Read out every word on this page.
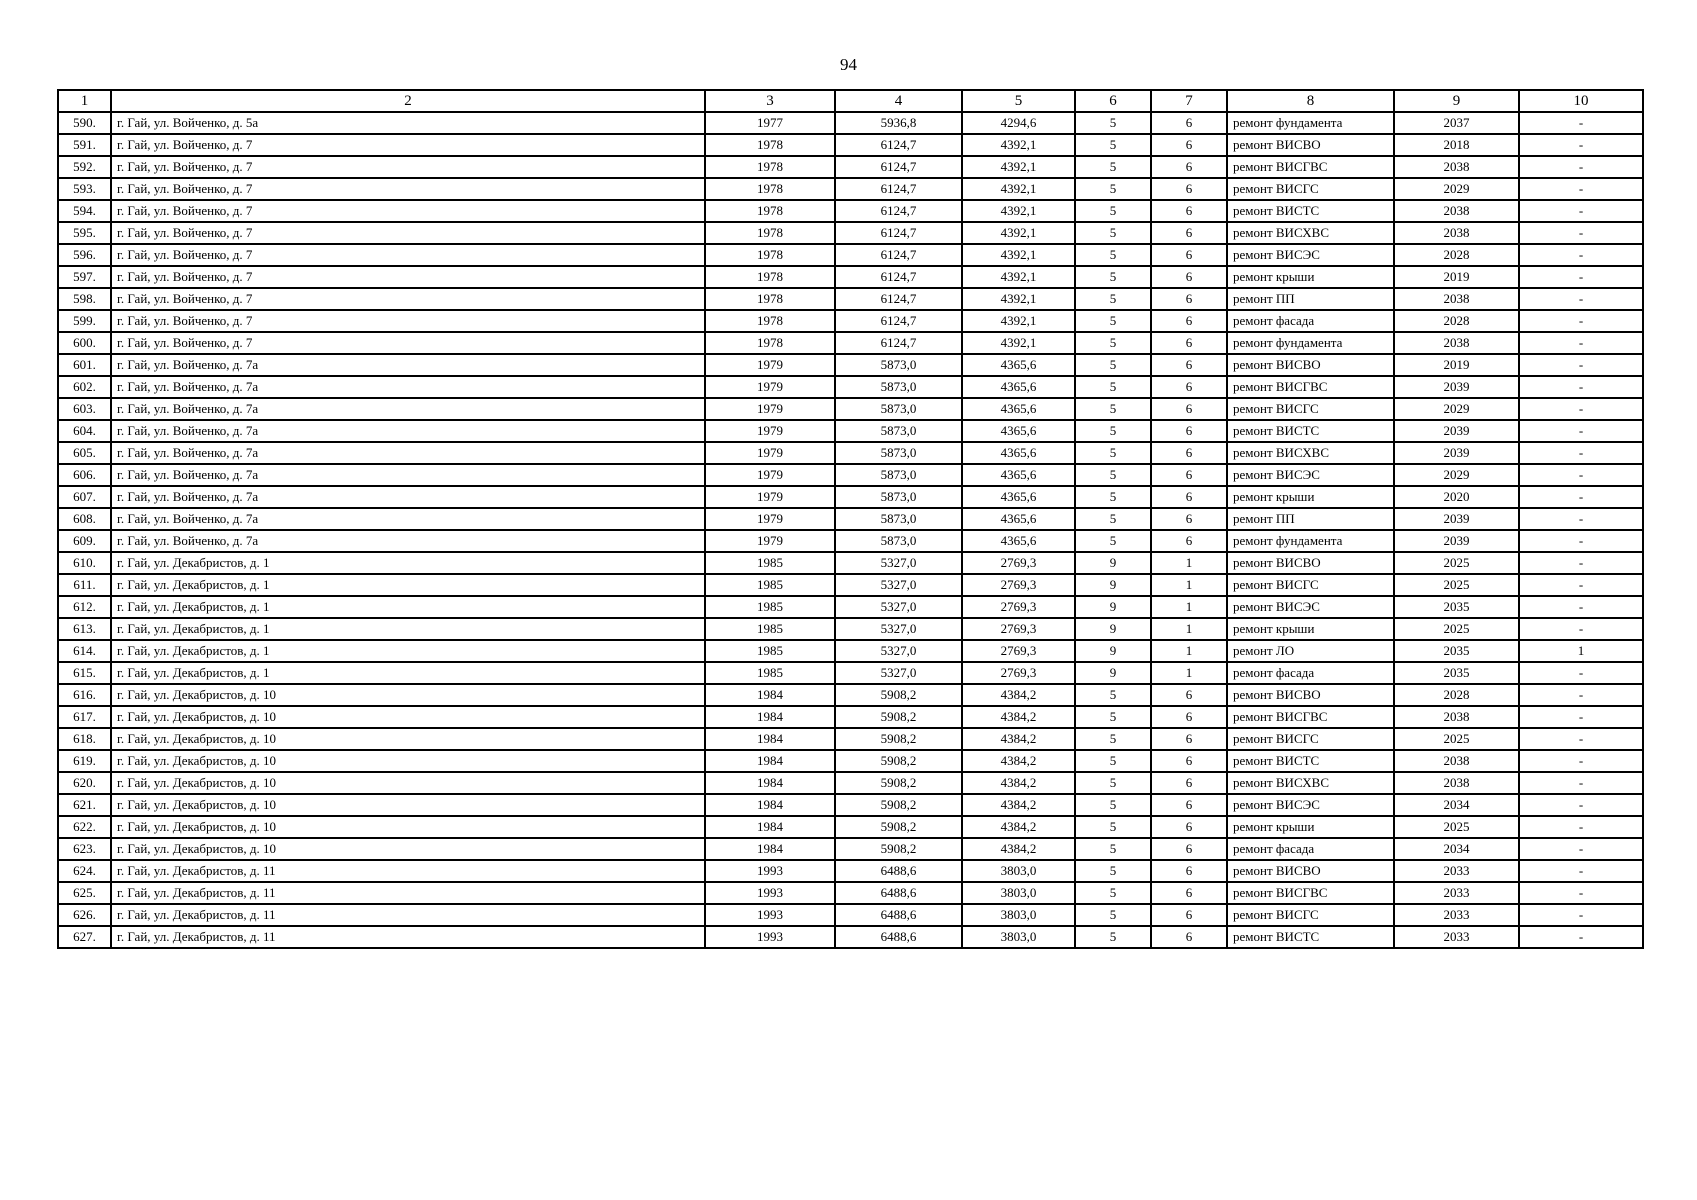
94
1	2	3	4	5	6	7	8	9	10
590.	г. Гай, ул. Войченко, д. 5а	1977	5936,8	4294,6	5	6	ремонт фундамента	2037	-
591.	г. Гай, ул. Войченко, д. 7	1978	6124,7	4392,1	5	6	ремонт ВИСВО	2018	-
592.	г. Гай, ул. Войченко, д. 7	1978	6124,7	4392,1	5	6	ремонт ВИСГВС	2038	-
593.	г. Гай, ул. Войченко, д. 7	1978	6124,7	4392,1	5	6	ремонт ВИСГС	2029	-
594.	г. Гай, ул. Войченко, д. 7	1978	6124,7	4392,1	5	6	ремонт ВИСТС	2038	-
595.	г. Гай, ул. Войченко, д. 7	1978	6124,7	4392,1	5	6	ремонт ВИСХВС	2038	-
596.	г. Гай, ул. Войченко, д. 7	1978	6124,7	4392,1	5	6	ремонт ВИСЭС	2028	-
597.	г. Гай, ул. Войченко, д. 7	1978	6124,7	4392,1	5	6	ремонт крыши	2019	-
598.	г. Гай, ул. Войченко, д. 7	1978	6124,7	4392,1	5	6	ремонт ПП	2038	-
599.	г. Гай, ул. Войченко, д. 7	1978	6124,7	4392,1	5	6	ремонт фасада	2028	-
600.	г. Гай, ул. Войченко, д. 7	1978	6124,7	4392,1	5	6	ремонт фундамента	2038	-
601.	г. Гай, ул. Войченко, д. 7а	1979	5873,0	4365,6	5	6	ремонт ВИСВО	2019	-
602.	г. Гай, ул. Войченко, д. 7а	1979	5873,0	4365,6	5	6	ремонт ВИСГВС	2039	-
603.	г. Гай, ул. Войченко, д. 7а	1979	5873,0	4365,6	5	6	ремонт ВИСГС	2029	-
604.	г. Гай, ул. Войченко, д. 7а	1979	5873,0	4365,6	5	6	ремонт ВИСТС	2039	-
605.	г. Гай, ул. Войченко, д. 7а	1979	5873,0	4365,6	5	6	ремонт ВИСХВС	2039	-
606.	г. Гай, ул. Войченко, д. 7а	1979	5873,0	4365,6	5	6	ремонт ВИСЭС	2029	-
607.	г. Гай, ул. Войченко, д. 7а	1979	5873,0	4365,6	5	6	ремонт крыши	2020	-
608.	г. Гай, ул. Войченко, д. 7а	1979	5873,0	4365,6	5	6	ремонт ПП	2039	-
609.	г. Гай, ул. Войченко, д. 7а	1979	5873,0	4365,6	5	6	ремонт фундамента	2039	-
610.	г. Гай, ул. Декабристов, д. 1	1985	5327,0	2769,3	9	1	ремонт ВИСВО	2025	-
611.	г. Гай, ул. Декабристов, д. 1	1985	5327,0	2769,3	9	1	ремонт ВИСГС	2025	-
612.	г. Гай, ул. Декабристов, д. 1	1985	5327,0	2769,3	9	1	ремонт ВИСЭС	2035	-
613.	г. Гай, ул. Декабристов, д. 1	1985	5327,0	2769,3	9	1	ремонт крыши	2025	-
614.	г. Гай, ул. Декабристов, д. 1	1985	5327,0	2769,3	9	1	ремонт ЛО	2035	1
615.	г. Гай, ул. Декабристов, д. 1	1985	5327,0	2769,3	9	1	ремонт фасада	2035	-
616.	г. Гай, ул. Декабристов, д. 10	1984	5908,2	4384,2	5	6	ремонт ВИСВО	2028	-
617.	г. Гай, ул. Декабристов, д. 10	1984	5908,2	4384,2	5	6	ремонт ВИСГВС	2038	-
618.	г. Гай, ул. Декабристов, д. 10	1984	5908,2	4384,2	5	6	ремонт ВИСГС	2025	-
619.	г. Гай, ул. Декабристов, д. 10	1984	5908,2	4384,2	5	6	ремонт ВИСТС	2038	-
620.	г. Гай, ул. Декабристов, д. 10	1984	5908,2	4384,2	5	6	ремонт ВИСХВС	2038	-
621.	г. Гай, ул. Декабристов, д. 10	1984	5908,2	4384,2	5	6	ремонт ВИСЭС	2034	-
622.	г. Гай, ул. Декабристов, д. 10	1984	5908,2	4384,2	5	6	ремонт крыши	2025	-
623.	г. Гай, ул. Декабристов, д. 10	1984	5908,2	4384,2	5	6	ремонт фасада	2034	-
624.	г. Гай, ул. Декабристов, д. 11	1993	6488,6	3803,0	5	6	ремонт ВИСВО	2033	-
625.	г. Гай, ул. Декабристов, д. 11	1993	6488,6	3803,0	5	6	ремонт ВИСГВС	2033	-
626.	г. Гай, ул. Декабристов, д. 11	1993	6488,6	3803,0	5	6	ремонт ВИСГС	2033	-
627.	г. Гай, ул. Декабристов, д. 11	1993	6488,6	3803,0	5	6	ремонт ВИСТС	2033	-
